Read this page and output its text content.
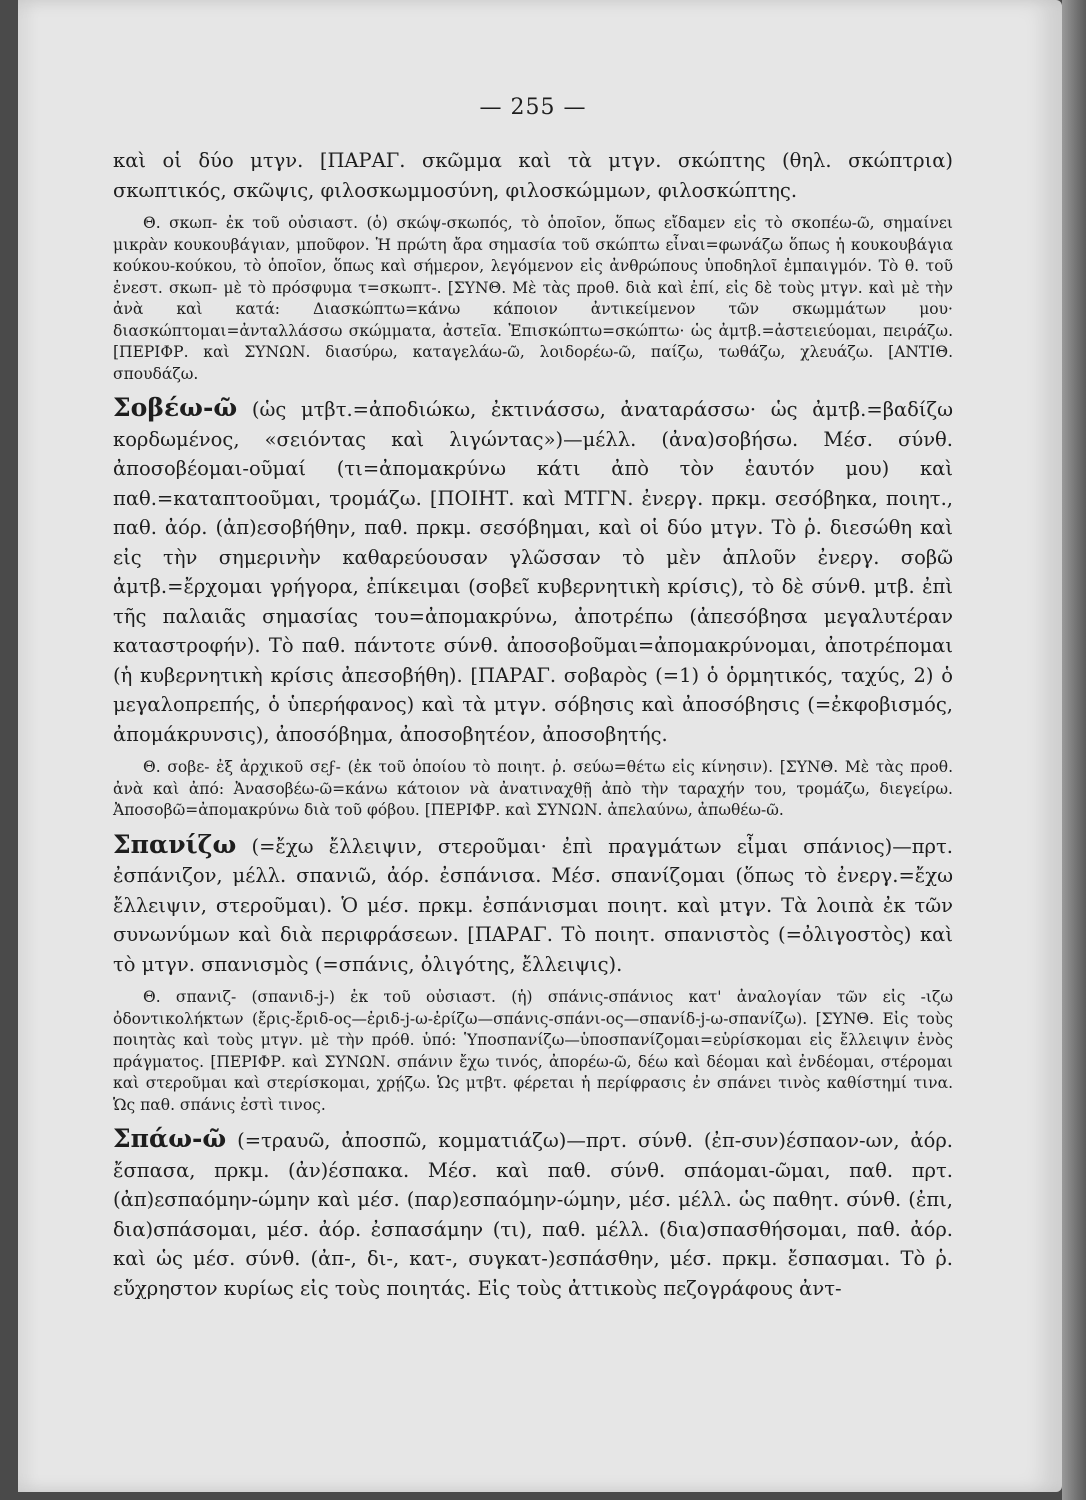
— 255 —

καὶ οἱ δύο μτγν. [ΠΑΡΑΓ. σκῶμμα καὶ τὰ μτγν. σκώπτης (θηλ. σκώπτρια) σκωπτικός, σκῶψις, φιλοσκωμμοσύνη, φιλοσκώμμων, φιλοσκώπτης.

Θ. σκωπ- ἐκ τοῦ οὐσιαστ. (ὁ) σκώψ-σκωπός, τὸ ὁποῖον, ὅπως εἴδαμεν εἰς τὸ σκοπέω-ῶ, σημαίνει μικρὰν κουκουβάγιαν, μποῦφον. Ἡ πρώτη ἄρα σημασία τοῦ σκώπτω εἶναι=φωνάζω ὅπως ἡ κουκουβάγια κούκου-κούκου, τὸ ὁποῖον, ὅπως καὶ σήμερον, λεγόμενον εἰς ἀνθρώπους ὑποδηλοῖ ἐμπαιγμόν. Τὸ θ. τοῦ ἐνεστ. σκωπ- μὲ τὸ πρόσφυμα τ=σκωπτ-. [ΣΥΝΘ. Μὲ τὰς προθ. διὰ καὶ ἐπί, εἰς δὲ τοὺς μτγν. καὶ μὲ τὴν ἀνὰ καὶ κατά: Διασκώπτω=κάνω κάποιον ἀντικείμενον τῶν σκωμμάτων μου· διασκώπτομαι=ἀνταλλάσσω σκώμματα, ἀστεῖα. Ἐπισκώπτω=σκώπτω· ὡς ἀμτβ.=ἀστειεύομαι, πειράζω. [ΠΕΡΙΦΡ. καὶ ΣΥΝΩΝ. διασύρω, καταγελάω-ῶ, λοιδορέω-ῶ, παίζω, τωθάζω, χλευάζω. [ΑΝΤΙΘ. σπουδάζω.

Σοβέω-ῶ (ὡς μτβτ.=ἀποδιώκω, ἐκτινάσσω, ἀναταράσσω· ὡς ἀμτβ.=βαδίζω κορδωμένος, «σειόντας καὶ λιγώντας»)—μέλλ. (ἀνα)σοβήσω. Μέσ. σύνθ. ἀποσοβέομαι-οῦμαί (τι=ἀπομακρύνω κάτι ἀπὸ τὸν ἑαυτόν μου) καὶ παθ.=καταπτοοῦμαι, τρομάζω. [ΠΟΙΗΤ. καὶ ΜΤΓΝ. ἐνεργ. πρκμ. σεσόβηκα, ποιητ., παθ. ἀόρ. (ἀπ)εσοβήθην, παθ. πρκμ. σεσόβημαι, καὶ οἱ δύο μτγν. Τὸ ῥ. διεσώθη καὶ εἰς τὴν σημερινὴν καθαρεύουσαν γλῶσσαν τὸ μὲν ἁπλοῦν ἐνεργ. σοβῶ ἀμτβ.=ἔρχομαι γρήγορα, ἐπίκειμαι (σοβεῖ κυβερνητικὴ κρίσις), τὸ δὲ σύνθ. μτβ. ἐπὶ τῆς παλαιᾶς σημασίας του=ἀπομακρύνω, ἀποτρέπω (ἀπεσόβησα μεγαλυτέραν καταστροφήν). Τὸ παθ. πάντοτε σύνθ. ἀποσοβοῦμαι=ἀπομακρύνομαι, ἀποτρέπομαι (ἡ κυβερνητικὴ κρίσις ἀπεσοβήθη). [ΠΑΡΑΓ. σοβαρὸς (=1) ὁ ὁρμητικός, ταχύς, 2) ὁ μεγαλοπρεπής, ὁ ὑπερήφανος) καὶ τὰ μτγν. σόβησις καὶ ἀποσόβησις (=ἐκφοβισμός, ἀπομάκρυνσις), ἀποσόβημα, ἀποσοβητέον, ἀποσοβητής.

Θ. σοβε- ἐξ ἀρχικοῦ σεϝ- (ἐκ τοῦ ὁποίου τὸ ποιητ. ῥ. σεύω=θέτω εἰς κίνησιν). [ΣΥΝΘ. Μὲ τὰς προθ. ἀνὰ καὶ ἀπό: Ἀνασοβέω-ῶ=κάνω κάτοιον νὰ ἀνατιναχθῇ ἀπὸ τὴν ταραχήν του, τρομάζω, διεγείρω. Ἀποσοβῶ=ἀπομακρύνω διὰ τοῦ φόβου. [ΠΕΡΙΦΡ. καὶ ΣΥΝΩΝ. ἀπελαύνω, ἀπωθέω-ῶ.

Σπανίζω (=ἔχω ἔλλειψιν, στεροῦμαι· ἐπὶ πραγμάτων εἶμαι σπάνιος)—πρτ. ἐσπάνιζον, μέλλ. σπανιῶ, ἀόρ. ἐσπάνισα. Μέσ. σπανίζομαι (ὅπως τὸ ἐνεργ.=ἔχω ἔλλειψιν, στεροῦμαι). Ὁ μέσ. πρκμ. ἐσπάνισμαι ποιητ. καὶ μτγν. Τὰ λοιπὰ ἐκ τῶν συνωνύμων καὶ διὰ περιφράσεων. [ΠΑΡΑΓ. Τὸ ποιητ. σπανιστὸς (=ὀλιγοστὸς) καὶ τὸ μτγν. σπανισμὸς (=σπάνις, ὀλιγότης, ἔλλειψις).

Θ. σπανιζ- (σπανιδ-j-) ἐκ τοῦ οὐσιαστ. (ἡ) σπάνις-σπάνιος κατ' ἀναλογίαν τῶν εἰς -ιζω ὀδοντικολήκτων (ἔρις-ἔριδ-ος—ἐριδ-j-ω-ἐρίζω—σπάνις-σπάνι-ος—σπανίδ-j-ω-σπανίζω). [ΣΥΝΘ. Εἰς τοὺς ποιητὰς καὶ τοὺς μτγν. μὲ τὴν πρόθ. ὑπό: Ὑποσπανίζω—ὑποσπανίζομαι=εὑρίσκομαι εἰς ἔλλειψιν ἑνὸς πράγματος. [ΠΕΡΙΦΡ. καὶ ΣΥΝΩΝ. σπάνιν ἔχω τινός, ἀπορέω-ῶ, δέω καὶ δέομαι καὶ ἐνδέομαι, στέρομαι καὶ στεροῦμαι καὶ στερίσκομαι, χρῄζω. Ὡς μτβτ. φέρεται ἡ περίφρασις ἐν σπάνει τινὸς καθίστημί τινα. Ὡς παθ. σπάνις ἐστὶ τινος.

Σπάω-ῶ (=τραυῶ, ἀποσπῶ, κομματιάζω)—πρτ. σύνθ. (ἐπ-συν)έσπαον-ων, ἀόρ. ἔσπασα, πρκμ. (ἀν)έσπακα. Μέσ. καὶ παθ. σύνθ. σπάομαι-ῶμαι, παθ. πρτ. (ἀπ)εσπαόμην-ώμην καὶ μέσ. (παρ)εσπαόμην-ώμην, μέσ. μέλλ. ὡς παθητ. σύνθ. (ἐπι, δια)σπάσομαι, μέσ. ἀόρ. ἐσπασάμην (τι), παθ. μέλλ. (δια)σπασθήσομαι, παθ. ἀόρ. καὶ ὡς μέσ. σύνθ. (ἀπ-, δι-, κατ-, συγκατ-)εσπάσθην, μέσ. πρκμ. ἔσπασμαι. Τὸ ῥ. εὔχρηστον κυρίως εἰς τοὺς ποιητάς. Εἰς τοὺς ἀττικοὺς πεζογράφους ἀντ-
